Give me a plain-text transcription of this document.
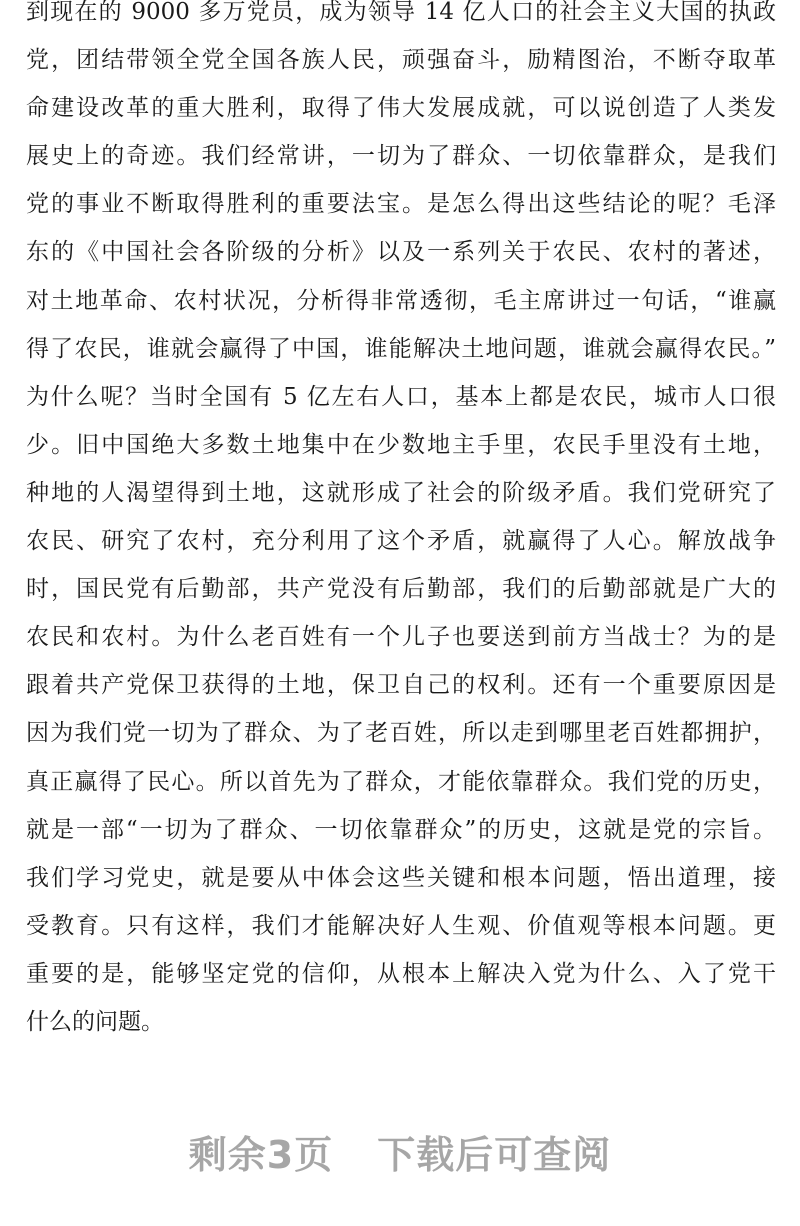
到现在的 9000 多万党员，成为领导 14 亿人口的社会主义大国的执政
党，团结带领全党全国各族人民，顽强奋斗，励精图治，不断夺取革
命建设改革的重大胜利，取得了伟大发展成就，可以说创造了人类发
展史上的奇迹。我们经常讲，一切为了群众、一切依靠群众，是我们
党的事业不断取得胜利的重要法宝。是怎么得出这些结论的呢？毛泽
东的《中国社会各阶级的分析》以及一系列关于农民、农村的著述，
对土地革命、农村状况，分析得非常透彻，毛主席讲过一句话，“谁赢
得了农民，谁就会赢得了中国，谁能解决土地问题，谁就会赢得农民。”
为什么呢？当时全国有 5 亿左右人口，基本上都是农民，城市人口很
少。旧中国绝大多数土地集中在少数地主手里，农民手里没有土地，
种地的人渴望得到土地，这就形成了社会的阶级矛盾。我们党研究了
农民、研究了农村，充分利用了这个矛盾，就赢得了人心。解放战争
时，国民党有后勤部，共产党没有后勤部，我们的后勤部就是广大的
农民和农村。为什么老百姓有一个儿子也要送到前方当战士？为的是
跟着共产党保卫获得的土地，保卫自己的权利。还有一个重要原因是
因为我们党一切为了群众、为了老百姓，所以走到哪里老百姓都拥护，
真正赢得了民心。所以首先为了群众，才能依靠群众。我们党的历史，
就是一部“一切为了群众、一切依靠群众”的历史，这就是党的宗旨。
我们学习党史，就是要从中体会这些关键和根本问题，悟出道理，接
受教育。只有这样，我们才能解决好人生观、价值观等根本问题。更
重要的是，能够坚定党的信仰，从根本上解决入党为什么、入了党干
什么的问题。
剩余3页 下载后可查阅
